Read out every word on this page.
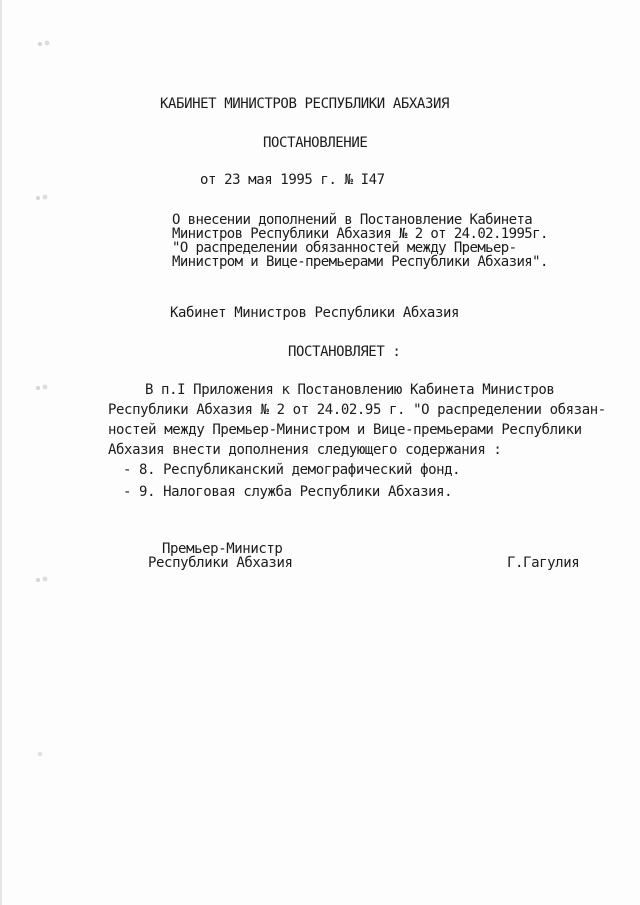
КАБИНЕТ МИНИСТРОВ РЕСПУБЛИКИ АБХАЗИЯ
ПОСТАНОВЛЕНИЕ
от 23 мая 1995 г. № I47
О внесении дополнений в Постановление Кабинета
Министров Республики Абхазия № 2 от 24.02.1995г.
"О распределении обязанностей между Премьер-
Министром и Вице-премьерами Республики Абхазия".
Кабинет Министров Республики Абхазия
ПОСТАНОВЛЯЕТ :
В п.I Приложения к Постановлению Кабинета Министров
Республики Абхазия № 2 от 24.02.95 г. "О распределении обязан-
ностей между Премьер-Министром и Вице-премьерами Республики
Абхазия внести дополнения следующего содержания :
- 8. Республиканский демографический фонд.
- 9. Налоговая служба Республики Абхазия.
Премьер-Министр
Республики Абхазия	Г.Гагулия
